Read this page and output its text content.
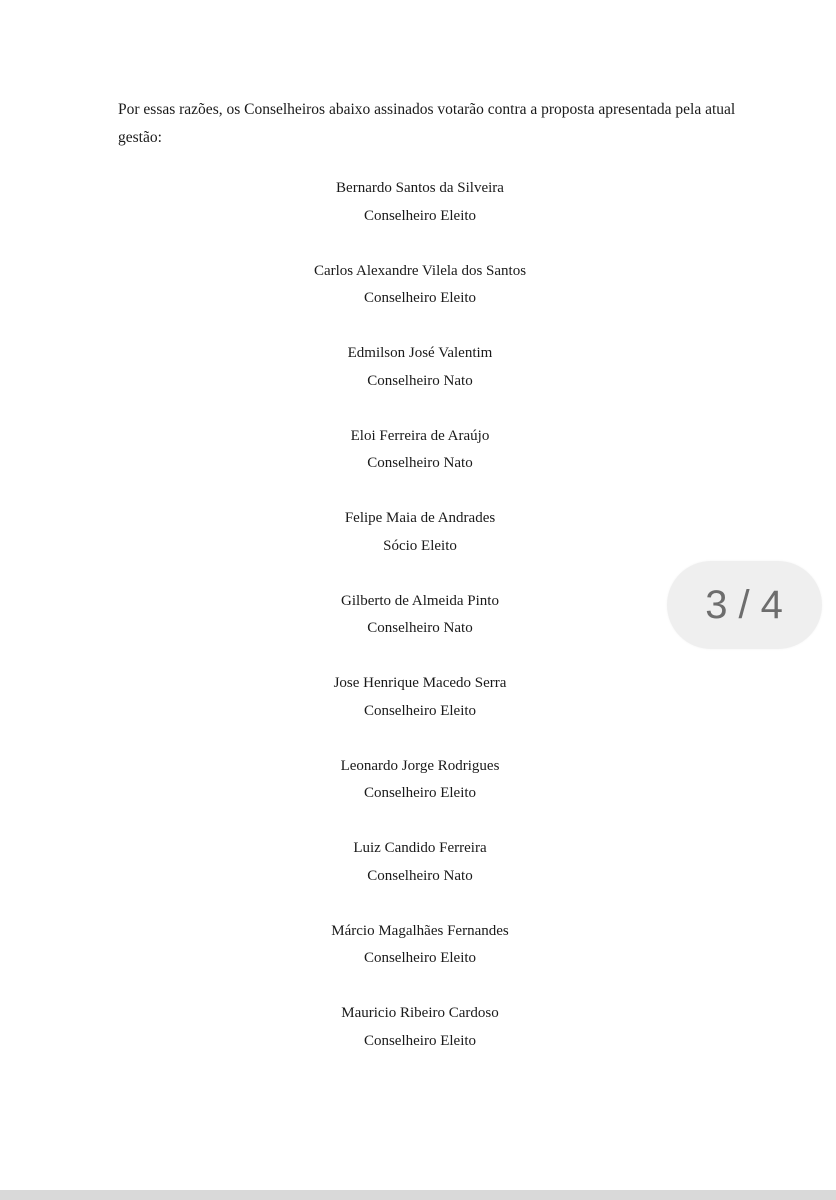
Por essas razões, os Conselheiros abaixo assinados votarão contra a proposta apresentada pela atual gestão:

Bernardo Santos da Silveira
Conselheiro Eleito
Carlos Alexandre Vilela dos Santos
Conselheiro Eleito
Edmilson José Valentim
Conselheiro Nato
Eloi Ferreira de Araújo
Conselheiro Nato
Felipe Maia de Andrades
Sócio Eleito
Gilberto de Almeida Pinto
Conselheiro Nato
Jose Henrique Macedo Serra
Conselheiro Eleito
Leonardo Jorge Rodrigues
Conselheiro Eleito
Luiz Candido Ferreira
Conselheiro Nato
Márcio Magalhães Fernandes
Conselheiro Eleito
Mauricio Ribeiro Cardoso
Conselheiro Eleito
3 / 4
